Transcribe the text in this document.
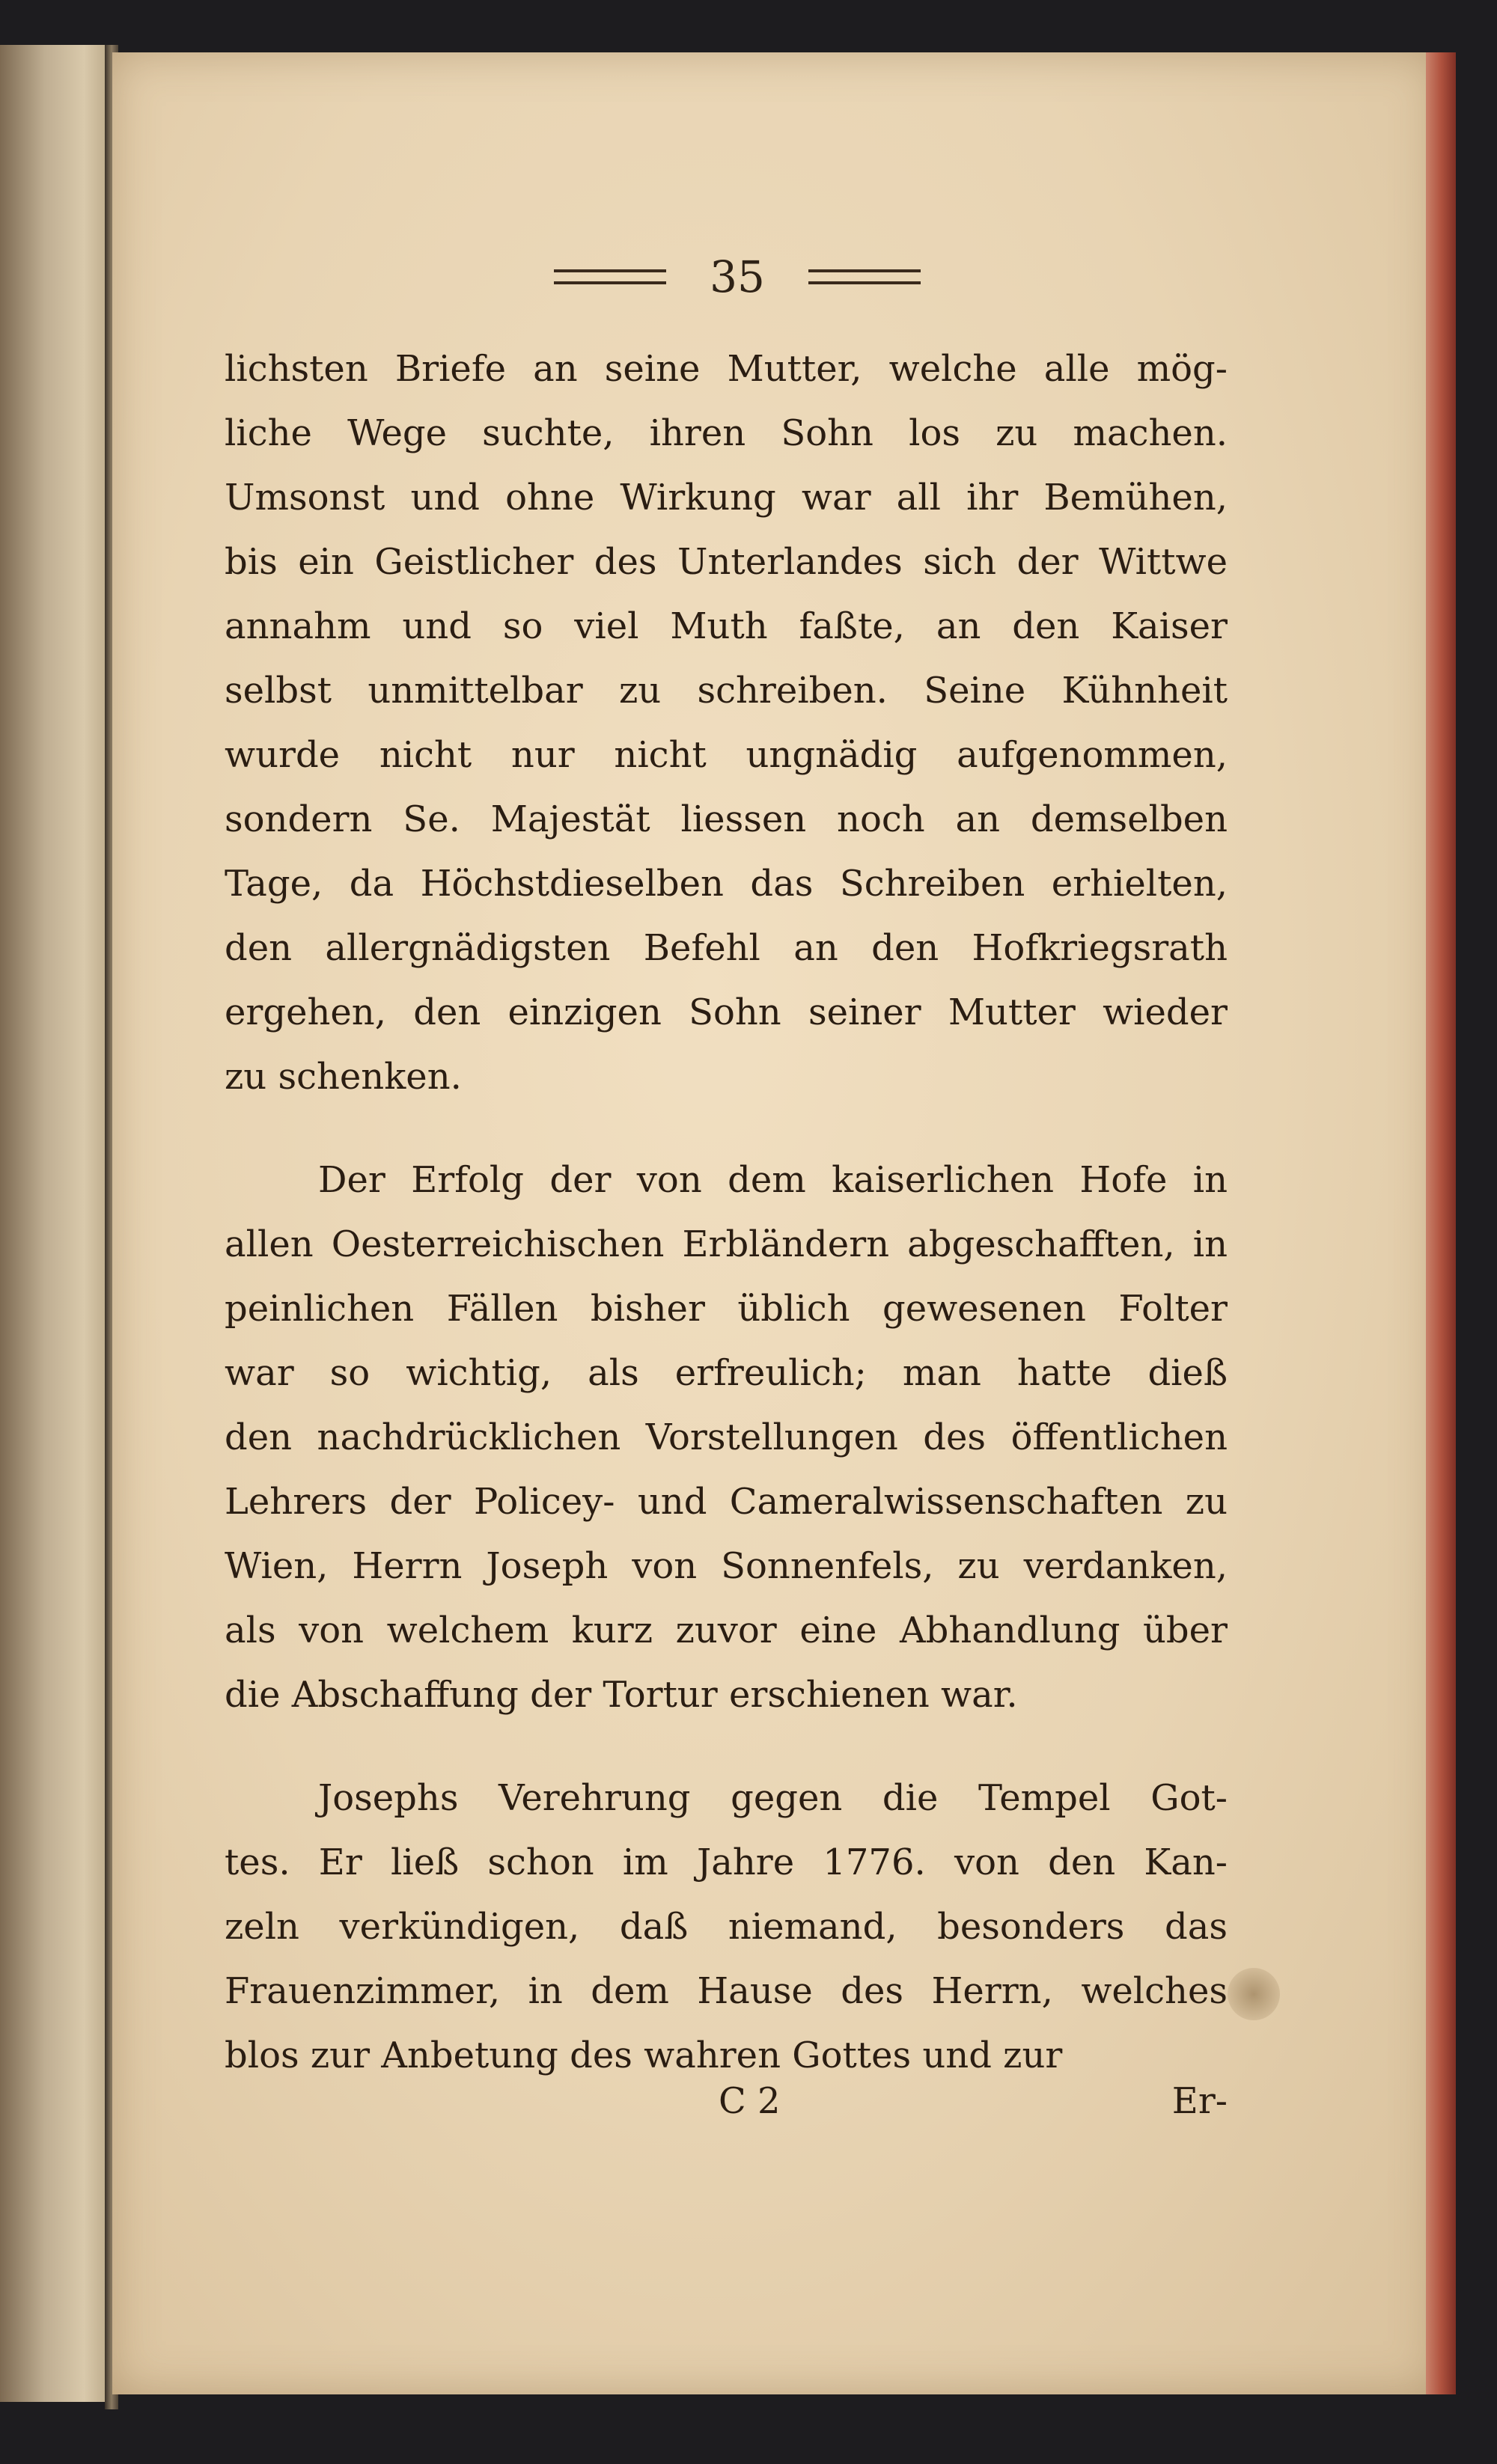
35
lichsten Briefe an seine Mutter, welche alle mög-
liche Wege suchte, ihren Sohn los zu machen.
Umsonst und ohne Wirkung war all ihr Bemühen,
bis ein Geistlicher des Unterlandes sich der Wittwe
annahm und so viel Muth faßte, an den Kaiser
selbst unmittelbar zu schreiben. Seine Kühnheit
wurde nicht nur nicht ungnädig aufgenommen,
sondern Se. Majestät liessen noch an demselben
Tage, da Höchstdieselben das Schreiben erhielten,
den allergnädigsten Befehl an den Hofkriegsrath
ergehen, den einzigen Sohn seiner Mutter wieder
zu schenken.
Der Erfolg der von dem kaiserlichen Hofe in
allen Oesterreichischen Erbländern abgeschafften, in
peinlichen Fällen bisher üblich gewesenen Folter
war so wichtig, als erfreulich; man hatte dieß
den nachdrücklichen Vorstellungen des öffentlichen
Lehrers der Policey- und Cameralwissenschaften zu
Wien, Herrn Joseph von Sonnenfels, zu verdanken,
als von welchem kurz zuvor eine Abhandlung über
die Abschaffung der Tortur erschienen war.
Josephs Verehrung gegen die Tempel Got-
tes. Er ließ schon im Jahre 1776. von den Kan-
zeln verkündigen, daß niemand, besonders das
Frauenzimmer, in dem Hause des Herrn, welches
blos zur Anbetung des wahren Gottes und zur
C 2	Er-
